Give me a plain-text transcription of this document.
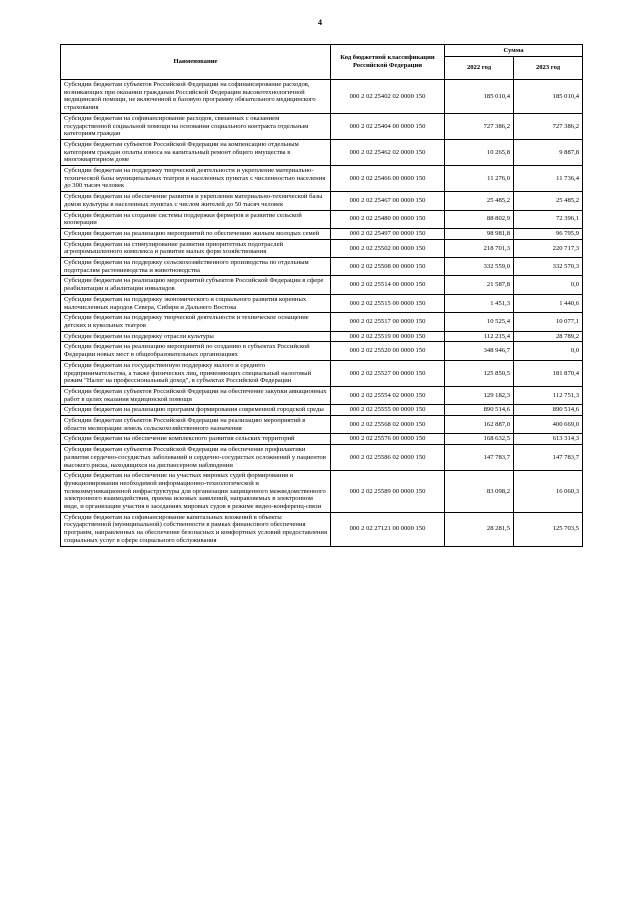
4
Наименование	Код бюджетной классификации Российской Федерации	Сумма	
		2022 год	2023 год
Субсидии бюджетам субъектов Российской Федерации на софинансирование расходов, возникающих при оказании гражданам Российской Федерации высокотехнологичной медицинской помощи, не включенной в базовую программу обязательного медицинского страхования	000 2 02 25402 02 0000 150	185 010,4	185 010,4
Субсидии бюджетам на софинансирование расходов, связанных с оказанием государственной социальной помощи на основании социального контракта отдельным категориям граждан	000 2 02 25404 00 0000 150	727 386,2	727 386,2
Субсидии бюджетам субъектов Российской Федерации на компенсацию отдельным категориям граждан оплаты взноса на капитальный ремонт общего имущества в многоквартирном доме	000 2 02 25462 02 0000 150	10 265,8	9 887,8
Субсидии бюджетам на поддержку творческой деятельности и укрепление материально-технической базы муниципальных театров в населенных пунктах с численностью населения до 300 тысяч человек	000 2 02 25466 00 0000 150	11 276,0	11 736,4
Субсидии бюджетам на обеспечение развития и укрепления материально-технической базы домов культуры в населенных пунктах с числом жителей до 50 тысяч человек	000 2 02 25467 00 0000 150	25 485,2	25 485,2
Субсидии бюджетам на создание системы поддержки фермеров и развитие сельской кооперации	000 2 02 25480 00 0000 150	88 802,9	72 396,1
Субсидии бюджетам на реализацию мероприятий по обеспечению жильем молодых семей	000 2 02 25497 00 0000 150	98 981,8	96 795,9
Субсидии бюджетам на стимулирование развития приоритетных подотраслей агропромышленного комплекса и развитие малых форм хозяйствования	000 2 02 25502 00 0000 150	218 701,3	220 717,3
Субсидии бюджетам на поддержку сельскохозяйственного производства по отдельным подотраслям растениеводства и животноводства	000 2 02 25508 00 0000 150	332 559,0	332 570,3
Субсидии бюджетам на реализацию мероприятий субъектов Российской Федерации в сфере реабилитации и абилитации инвалидов	000 2 02 25514 00 0000 150	21 587,8	0,0
Субсидии бюджетам на поддержку экономического и социального развития коренных малочисленных народов Севера, Сибири и Дальнего Востока	000 2 02 25515 00 0000 150	1 451,3	1 440,6
Субсидии бюджетам на поддержку творческой деятельности и техническое оснащение детских и кукольных театров	000 2 02 25517 00 0000 150	10 525,4	10 077,1
Субсидии бюджетам на поддержку отрасли культуры	000 2 02 25519 00 0000 150	112 215,4	28 789,2
Субсидии бюджетам на реализацию мероприятий по созданию в субъектах Российской Федерации новых мест в общеобразовательных организациях	000 2 02 25520 00 0000 150	348 946,7	0,0
Субсидии бюджетам на государственную поддержку малого и среднего предпринимательства, а также физических лиц, применяющих специальный налоговый режим "Налог на профессиональный доход", в субъектах Российской Федерации	000 2 02 25527 00 0000 150	125 850,5	181 870,4
Субсидии бюджетам субъектов Российской Федерации на обеспечение закупки авиационных работ в целях оказания медицинской помощи	000 2 02 25554 02 0000 150	129 182,3	112 751,3
Субсидии бюджетам на реализацию программ формирования современной городской среды	000 2 02 25555 00 0000 150	890 514,6	890 514,6
Субсидии бюджетам субъектов Российской Федерации на реализацию мероприятий в области мелиорации земель сельскохозяйственного назначения	000 2 02 25568 02 0000 150	162 887,0	400 669,0
Субсидии бюджетам на обеспечение комплексного развития сельских территорий	000 2 02 25576 00 0000 150	168 632,5	613 314,3
Субсидии бюджетам субъектов Российской Федерации на обеспечение профилактики развития сердечно-сосудистых заболеваний и сердечно-сосудистых осложнений у пациентов высокого риска, находящихся на диспансерном наблюдении	000 2 02 25586 02 0000 150	147 783,7	147 783,7
Субсидии бюджетам на обеспечение на участках мировых судей формирования и функционирования необходимой информационно-технологической и телекоммуникационной инфраструктуры для организации защищенного межведомственного электронного взаимодействия, приема исковых заявлений, направляемых в электронном виде, и организации участия в заседаниях мировых судов в режиме видео-конференц-связи	000 2 02 25589 00 0000 150	83 098,2	16 060,3
Субсидии бюджетам на софинансирование капитальных вложений в объекты государственной (муниципальной) собственности в рамках финансового обеспечения программ, направленных на обеспечение безопасных и комфортных условий предоставления социальных услуг в сфере социального обслуживания	000 2 02 27121 00 0000 150	28 281,5	125 703,5
